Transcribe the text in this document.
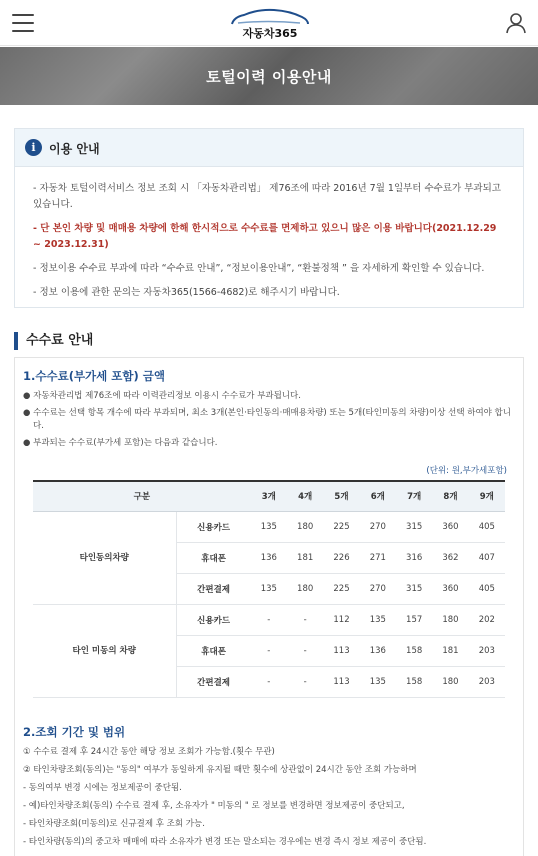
자동차365
토털이력 이용안내
i	이용 안내

- 자동차 토털이력서비스 정보 조회 시 「자동차관리법」 제76조에 따라 2016년 7월 1일부터 수수료가 부과되고 있습니다.

- 단 본인 차량 및 매매용 차량에 한해 한시적으로 수수료를 면제하고 있으니 많은 이용 바랍니다(2021.12.29 ~ 2023.12.31)

- 정보이용 수수료 부과에 따라 “수수료 안내”, “정보이용안내”, “환불정책 ” 을 자세하게 확인할 수 있습니다.

- 정보 이용에 관한 문의는 자동차365(1566-4682)로 해주시기 바랍니다.

수수료 안내
1.수수료(부가세 포함) 금액

● 자동차관리법 제76조에 따라 이력관리정보 이용시 수수료가 부과됩니다.

● 수수료는 선택 항목 개수에 따라 부과되며, 최소 3개(본인·타인동의·매매용차량) 또는 5개(타인미동의 차량)이상 선택 하여야 합니다.

● 부과되는 수수료(부가세 포함)는 다음과 같습니다.

(단위: 원,부가세포함)
구분		3개	4개	5개	6개	7개	8개	9개
타인동의차량	신용카드	135	180	225	270	315	360	405
	휴대폰	136	181	226	271	316	362	407
	간편결제	135	180	225	270	315	360	405
타인 미동의 차량	신용카드	-	-	112	135	157	180	202
	휴대폰	-	-	113	136	158	181	203
	간편결제	-	-	113	135	158	180	203
2.조회 기간 및 범위

① 수수료 결제 후 24시간 동안 해당 정보 조회가 가능함.(횟수 무관)

② 타인차량조회(동의)는 "동의" 여부가 동일하게 유지될 때만 횟수에 상관없이 24시간 동안 조회 가능하며

- 동의여부 변경 시에는 정보제공이 중단됨.

- 예)타인차량조회(동의) 수수료 결제 후, 소유자가 " 미동의 " 로 정보를 변경하면 정보제공이 중단되고,

- 타인차량조회(미동의)로 신규결제 후 조회 가능.

- 타인차량(동의)의 중고차 매매에 따라 소유자가 변경 또는 말소되는 경우에는 변경 즉시 정보 제공이 중단됨.
